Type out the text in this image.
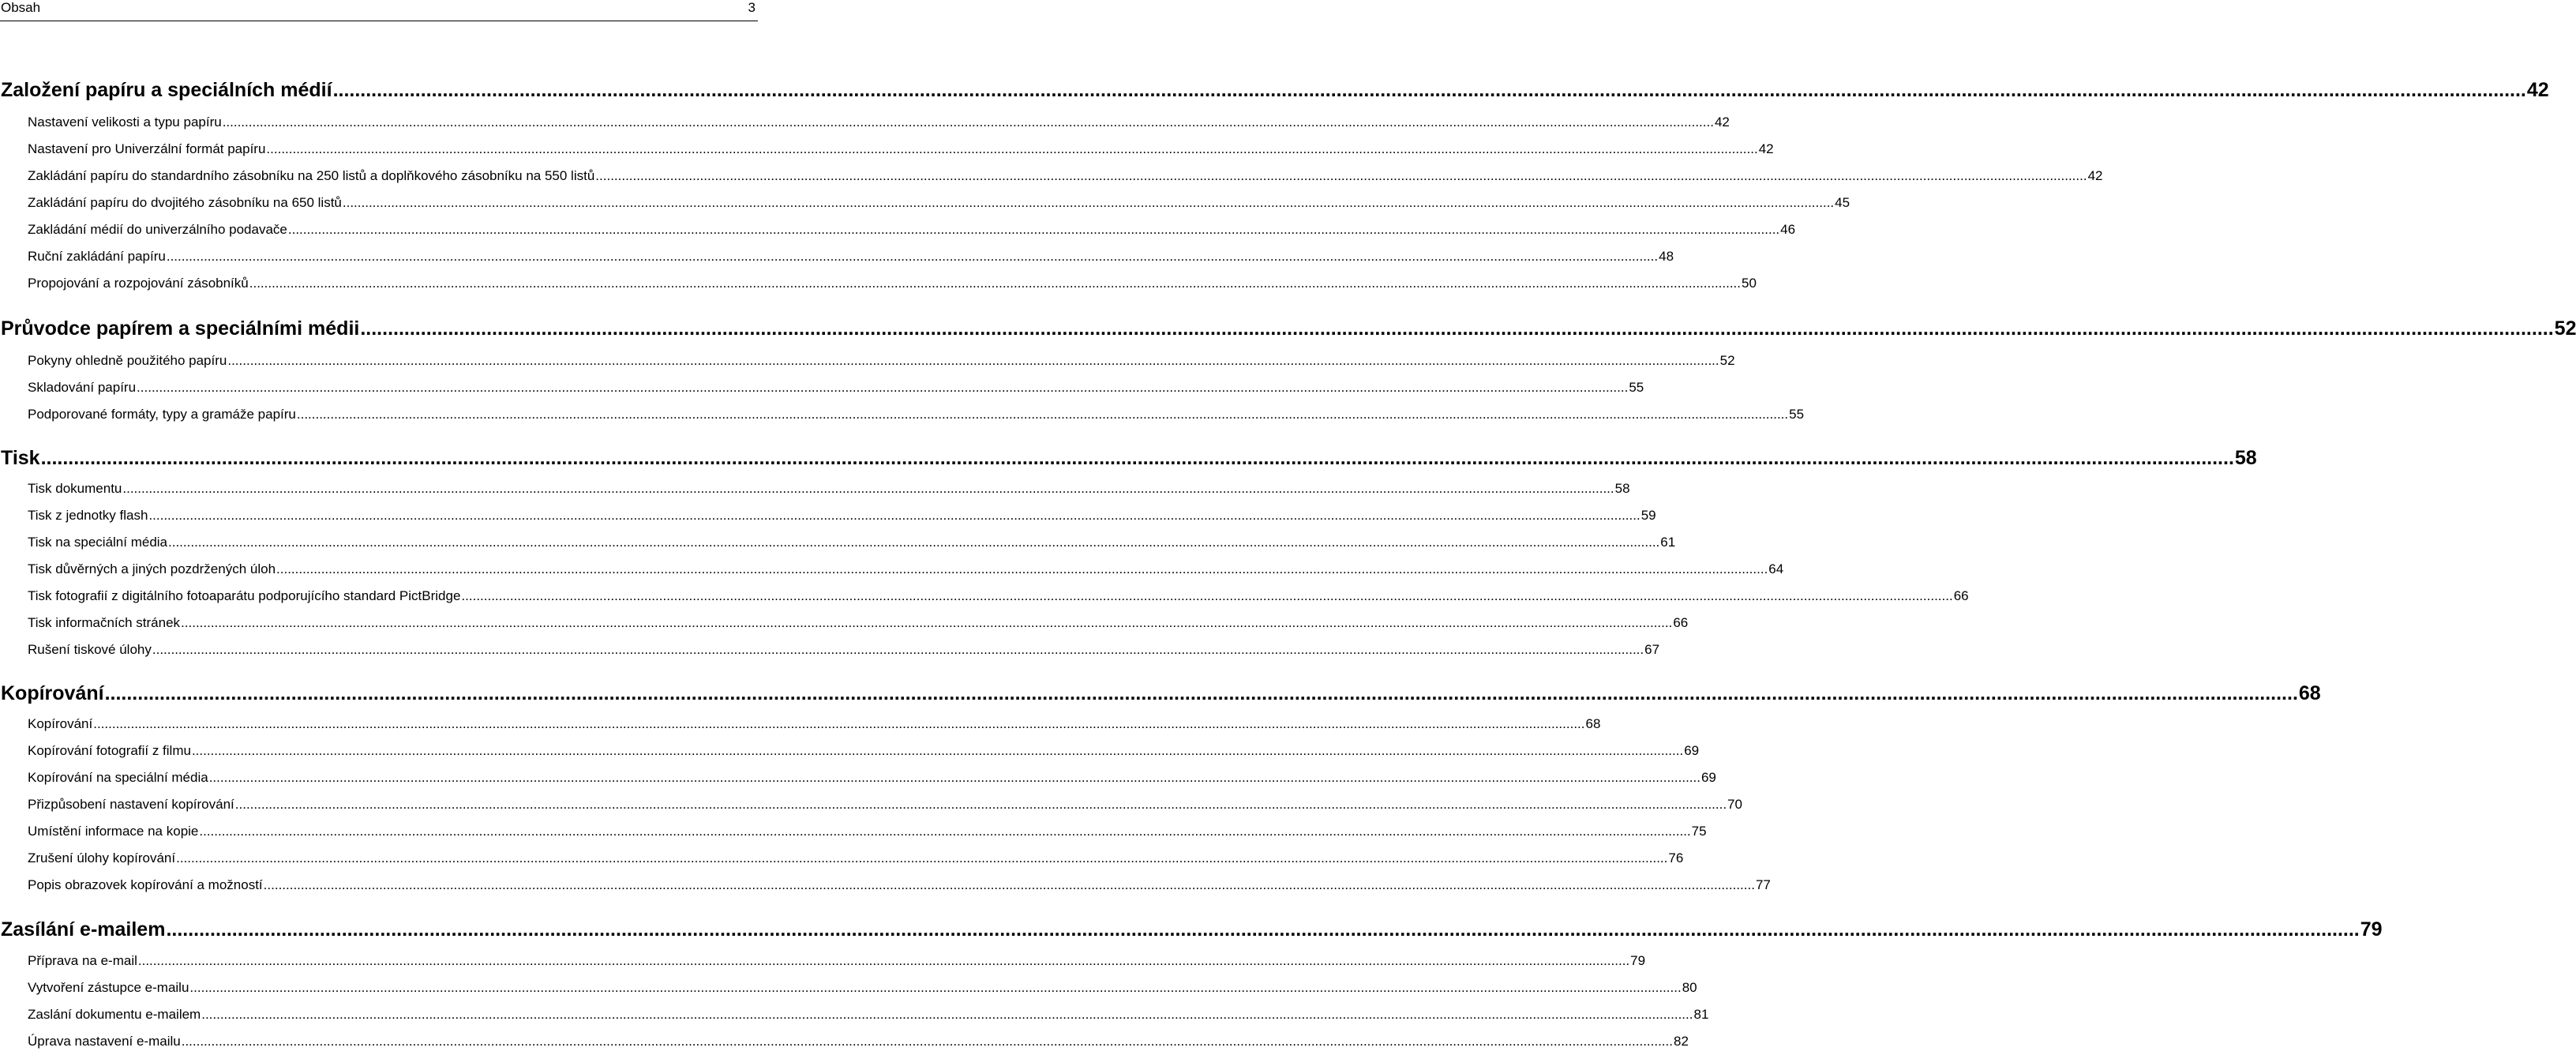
Obsah	3
Založení papíru a speciálních médií .....	42
Nastavení velikosti a typu papíru .....	42
Nastavení pro Univerzální formát papíru .....	42
Zakládání papíru do standardního zásobníku na 250 listů a doplňkového zásobníku na 550 listů .....	42
Zakládání papíru do dvojitého zásobníku na 650 listů .....	45
Zakládání médií do univerzálního podavače .....	46
Ruční zakládání papíru .....	48
Propojování a rozpojování zásobníků .....	50
Průvodce papírem a speciálními médii .....	52
Pokyny ohledně použitého papíru .....	52
Skladování papíru .....	55
Podporované formáty, typy a gramáže papíru .....	55
Tisk .....	58
Tisk dokumentu .....	58
Tisk z jednotky flash .....	59
Tisk na speciální média .....	61
Tisk důvěrných a jiných pozdržených úloh .....	64
Tisk fotografií z digitálního fotoaparátu podporujícího standard PictBridge .....	66
Tisk informačních stránek .....	66
Rušení tiskové úlohy .....	67
Kopírování .....	68
Kopírování .....	68
Kopírování fotografií z filmu .....	69
Kopírování na speciální média .....	69
Přizpůsobení nastavení kopírování .....	70
Umístění informace na kopie .....	75
Zrušení úlohy kopírování .....	76
Popis obrazovek kopírování a možností .....	77
Zasílání e-mailem .....	79
Příprava na e-mail .....	79
Vytvoření zástupce e-mailu .....	80
Zaslání dokumentu e-mailem .....	81
Úprava nastavení e-mailu .....	82
